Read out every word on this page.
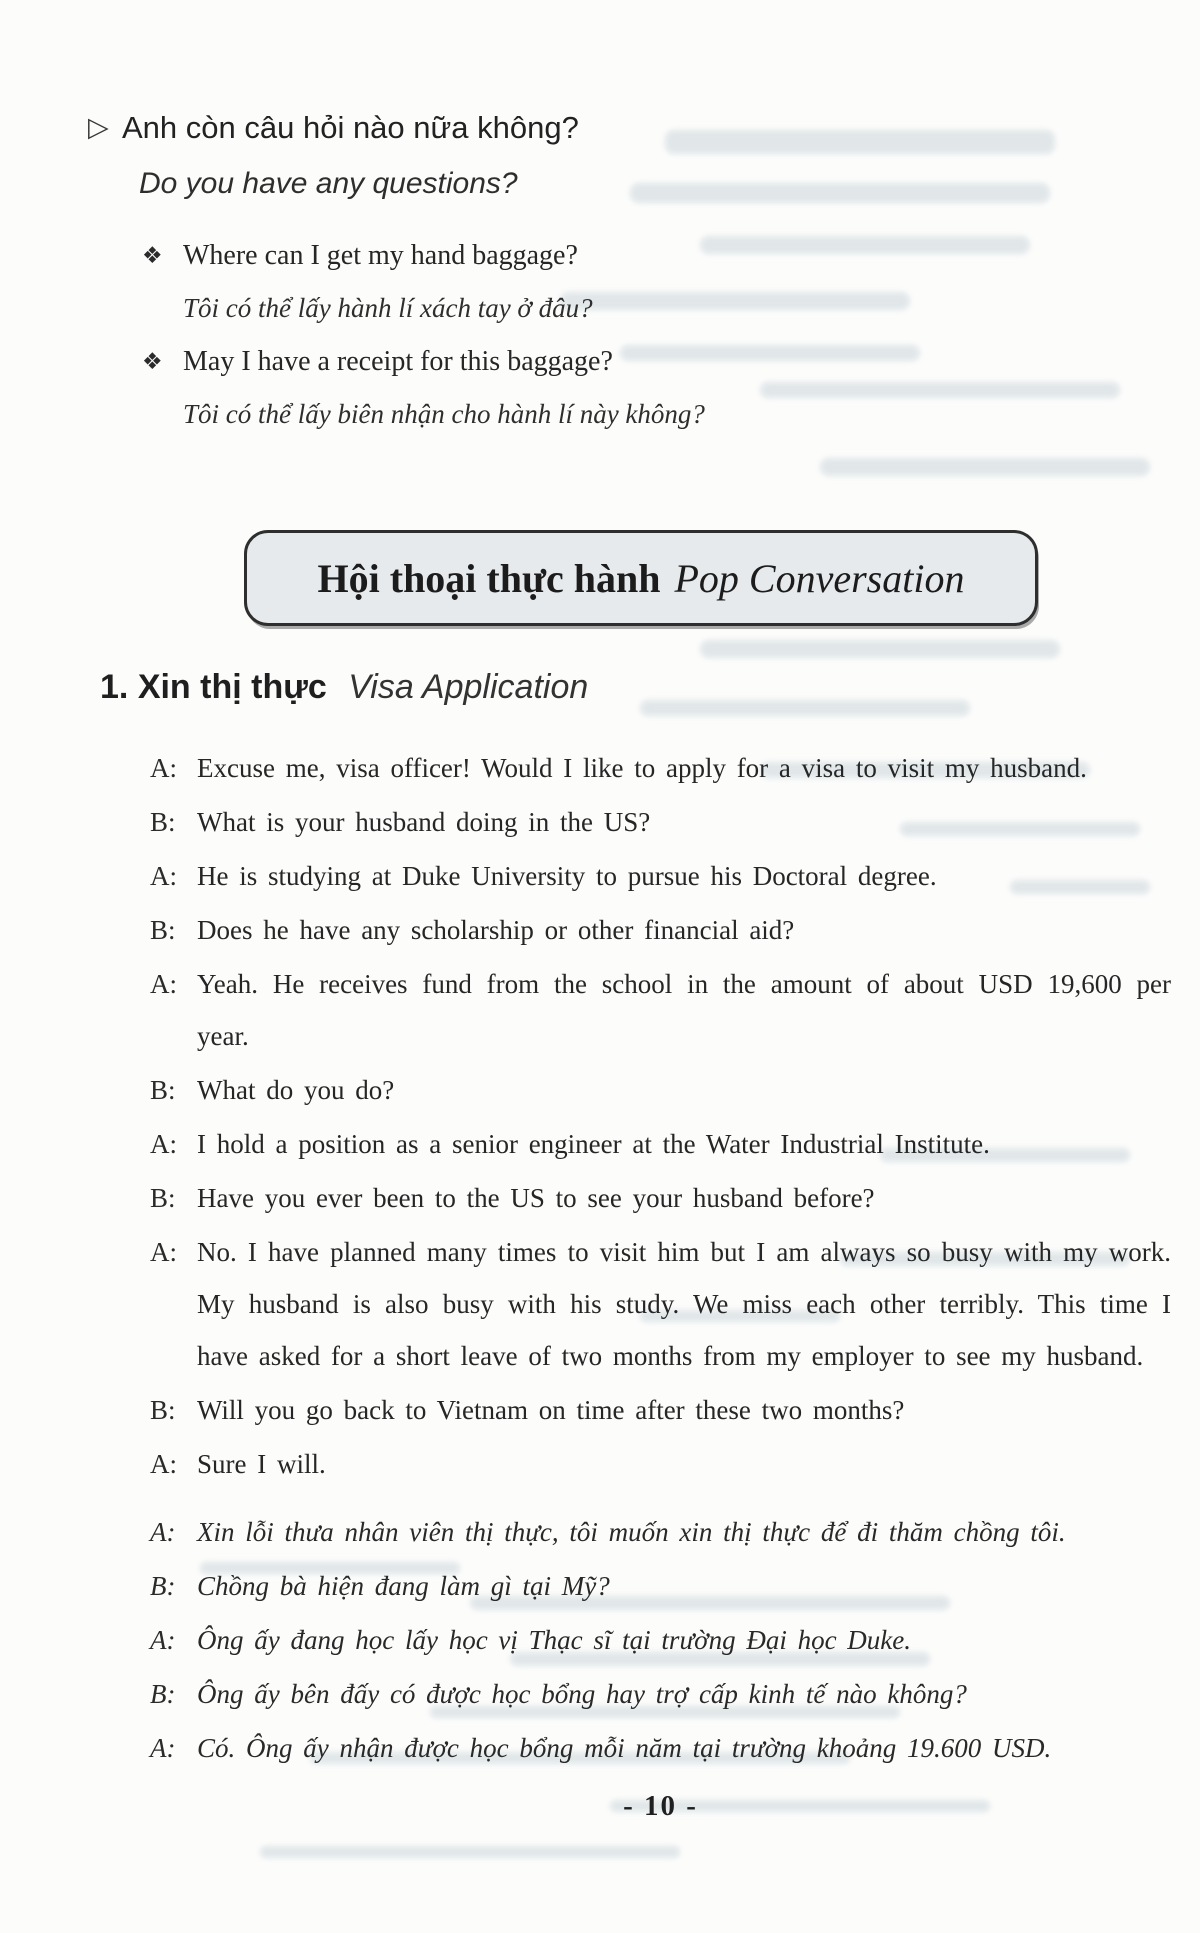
▷ Anh còn câu hỏi nào nữa không?
Do you have any questions?
❖ Where can I get my hand baggage?
Tôi có thể lấy hành lí xách tay ở đâu?
❖ May I have a receipt for this baggage?
Tôi có thể lấy biên nhận cho hành lí này không?
Hội thoại thực hành Pop Conversation
1. Xin thị thực Visa Application
A: Excuse me, visa officer! Would I like to apply for a visa to visit my husband.

B: What is your husband doing in the US?

A: He is studying at Duke University to pursue his Doctoral degree.

B: Does he have any scholarship or other financial aid?

A: Yeah. He receives fund from the school in the amount of about USD 19,600 per year.

B: What do you do?

A: I hold a position as a senior engineer at the Water Industrial Institute.

B: Have you ever been to the US to see your husband before?

A: No. I have planned many times to visit him but I am always so busy with my work. My husband is also busy with his study. We miss each other terribly. This time I have asked for a short leave of two months from my employer to see my husband.

B: Will you go back to Vietnam on time after these two months?

A: Sure I will.

A: Xin lỗi thưa nhân viên thị thực, tôi muốn xin thị thực để đi thăm chồng tôi.

B: Chồng bà hiện đang làm gì tại Mỹ?

A: Ông ấy đang học lấy học vị Thạc sĩ tại trường Đại học Duke.

B: Ông ấy bên đấy có được học bổng hay trợ cấp kinh tế nào không?

A: Có. Ông ấy nhận được học bổng mỗi năm tại trường khoảng 19.600 USD.

- 10 -
